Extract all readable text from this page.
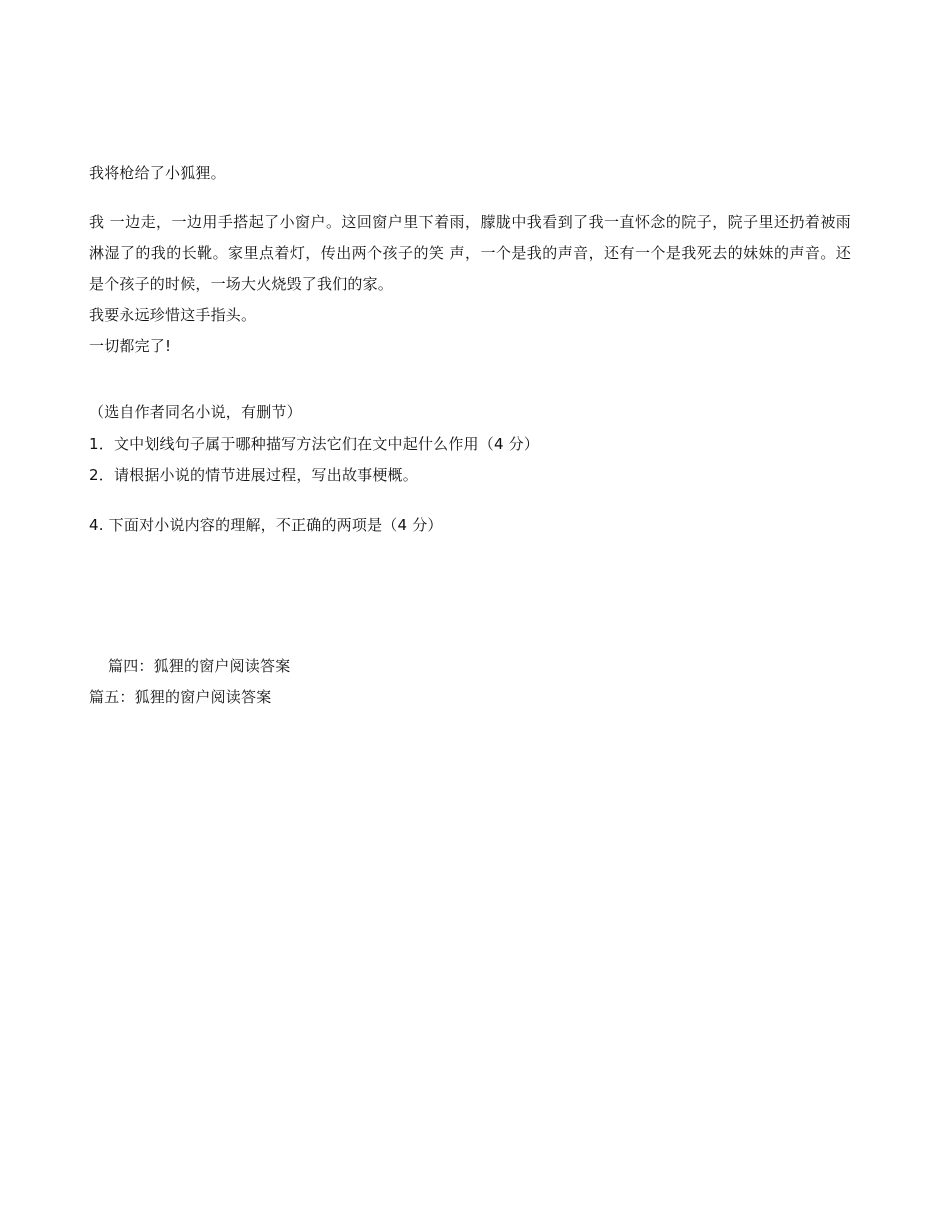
我将枪给了小狐狸。
我 一边走，一边用手搭起了小窗户。这回窗户里下着雨，朦胧中我看到了我一直怀念的院子，院子里还扔着被雨淋湿了的我的长靴。家里点着灯，传出两个孩子的笑 声，一个是我的声音，还有一个是我死去的妹妹的声音。还是个孩子的时候，一场大火烧毁了我们的家。
我要永远珍惜这手指头。
一切都完了!
（选自作者同名小说，有删节）
1．文中划线句子属于哪种描写方法它们在文中起什么作用（4 分）
2．请根据小说的情节进展过程，写出故事梗概。
4. 下面对小说内容的理解，不正确的两项是（4 分）
篇四：狐狸的窗户阅读答案
篇五：狐狸的窗户阅读答案
